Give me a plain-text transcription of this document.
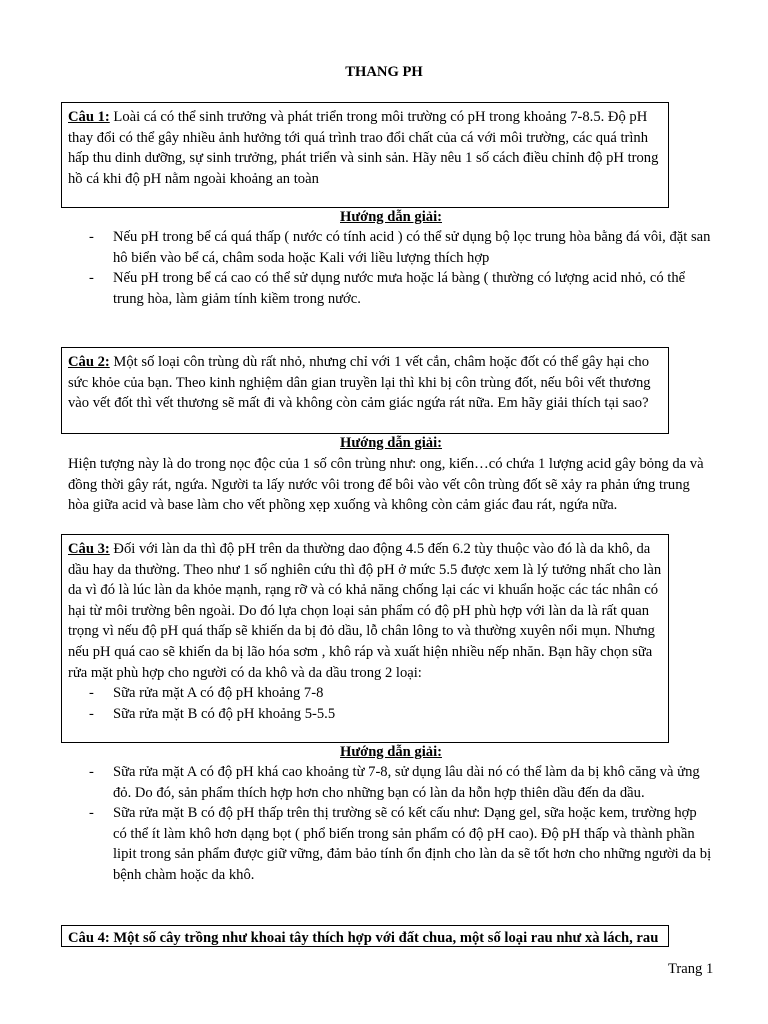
THANG PH
Câu 1: Loài cá có thể sinh trưởng và phát triển trong môi trường có pH trong khoảng 7-8.5. Độ pH thay đổi có thể gây nhiều ảnh hưởng tới quá trình trao đổi chất của cá với môi trường, các quá trình hấp thu dinh dưỡng, sự sinh trưởng, phát triển và sinh sản. Hãy nêu 1 số cách điều chỉnh độ pH trong hồ cá khi độ pH nằm ngoài khoảng an toàn
Hướng dẫn giải:
- Nếu pH trong bể cá quá thấp ( nước có tính acid ) có thể sử dụng bộ lọc trung hòa bằng đá vôi, đặt san hô biển vào bể cá, châm soda hoặc Kali với liều lượng thích hợp
- Nếu pH trong bể cá cao có thể sử dụng nước mưa hoặc lá bàng ( thường có lượng acid nhỏ, có thể trung hòa, làm giảm tính kiềm trong nước.
Câu 2: Một số loại côn trùng dù rất nhỏ, nhưng chỉ với 1 vết cắn, châm hoặc đốt có thể gây hại cho sức khỏe của bạn. Theo kinh nghiệm dân gian truyền lại thì khi bị côn trùng đốt, nếu bôi vết thương vào vết đốt thì vết thương sẽ mất đi và không còn cảm giác ngứa rát nữa. Em hãy giải thích tại sao?
Hướng dẫn giải:
Hiện tượng này là do trong nọc độc của 1 số côn trùng như: ong, kiến…có chứa 1 lượng acid gây bỏng da và đồng thời gây rát, ngứa. Người ta lấy nước vôi trong để bôi vào vết côn trùng đốt sẽ xảy ra phản ứng trung hòa giữa acid và base làm cho vết phồng xẹp xuống và không còn cảm giác đau rát, ngứa nữa.
Câu 3: Đối với làn da thì độ pH trên da thường dao động 4.5 đến 6.2 tùy thuộc vào đó là da khô, da dầu hay da thường. Theo như 1 số nghiên cứu thì độ pH ở mức 5.5 được xem là lý tưởng nhất cho làn da vì đó là lúc làn da khỏe mạnh, rạng rỡ và có khả năng chống lại các vi khuẩn hoặc các tác nhân có hại từ môi trường bên ngoài. Do đó lựa chọn loại sản phẩm có độ pH phù hợp với làn da là rất quan trọng vì nếu độ pH quá thấp sẽ khiến da bị đỏ dầu, lỗ chân lông to và thường xuyên nổi mụn. Nhưng nếu pH quá cao sẽ khiến da bị lão hóa sơm , khô ráp và xuất hiện nhiều nếp nhăn. Bạn hãy chọn sữa rửa mặt phù hợp cho người có da khô và da dầu trong 2 loại:
- Sữa rửa mặt A có độ pH khoảng 7-8
- Sữa rửa mặt B có độ pH khoảng 5-5.5
Hướng dẫn giải:
- Sữa rửa mặt A có độ pH khá cao khoảng từ 7-8, sử dụng lâu dài nó có thể làm da bị khô căng và ửng đỏ. Do đó, sản phẩm thích hợp hơn cho những bạn có làn da hỗn hợp thiên dầu đến da dầu.
- Sữa rửa mặt B có độ pH thấp trên thị trường sẽ có kết cấu như: Dạng gel, sữa hoặc kem, trường hợp có thể ít làm khô hơn dạng bọt ( phổ biến trong sản phẩm có độ pH cao). Độ pH thấp và thành phần lipit trong sản phẩm được giữ vững, đảm bảo tính ổn định cho làn da sẽ tốt hơn cho những người da bị bệnh chàm hoặc da khô.
Câu 4: Một số cây trồng như khoai tây thích hợp với đất chua, một số loại rau như xà lách, rau
Trang 1
